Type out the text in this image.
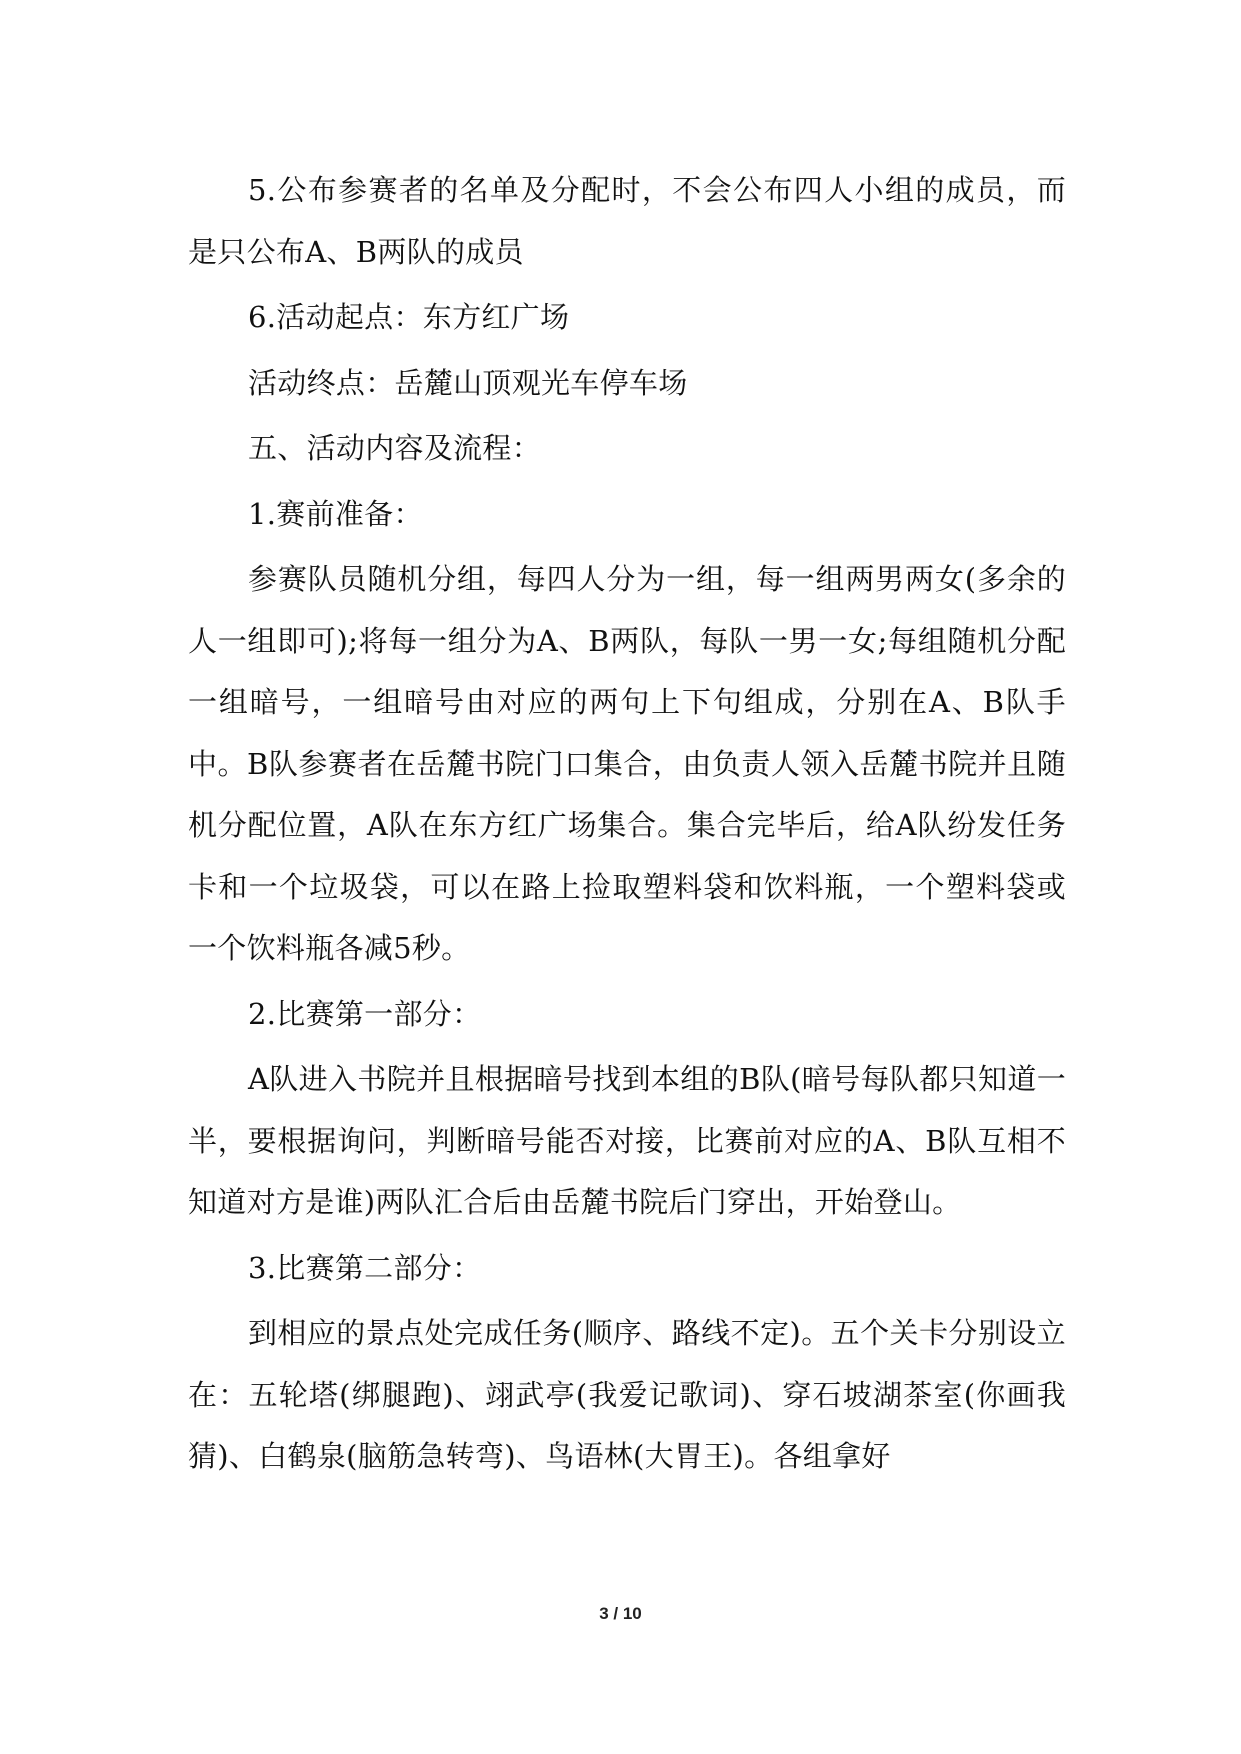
5.公布参赛者的名单及分配时，不会公布四人小组的成员，而是只公布A、B两队的成员

6.活动起点：东方红广场

活动终点：岳麓山顶观光车停车场

五、活动内容及流程：

1.赛前准备：

参赛队员随机分组，每四人分为一组，每一组两男两女(多余的人一组即可);将每一组分为A、B两队，每队一男一女;每组随机分配一组暗号，一组暗号由对应的两句上下句组成，分别在A、B队手中。B队参赛者在岳麓书院门口集合，由负责人领入岳麓书院并且随机分配位置，A队在东方红广场集合。集合完毕后，给A队纷发任务卡和一个垃圾袋，可以在路上捡取塑料袋和饮料瓶，一个塑料袋或一个饮料瓶各减5秒。

2.比赛第一部分：

A队进入书院并且根据暗号找到本组的B队(暗号每队都只知道一半，要根据询问，判断暗号能否对接，比赛前对应的A、B队互相不知道对方是谁)两队汇合后由岳麓书院后门穿出，开始登山。

3.比赛第二部分：

到相应的景点处完成任务(顺序、路线不定)。五个关卡分别设立在：五轮塔(绑腿跑)、翊武亭(我爱记歌词)、穿石坡湖茶室(你画我猜)、白鹤泉(脑筋急转弯)、鸟语林(大胃王)。各组拿好

3 / 10
